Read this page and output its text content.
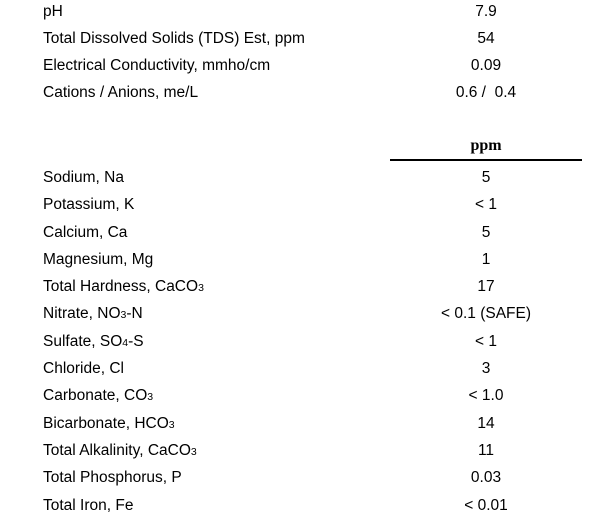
pH	7.9
Total Dissolved Solids (TDS) Est, ppm	54
Electrical Conductivity, mmho/cm	0.09
Cations / Anions, me/L	0.6 /  0.4
ppm
Sodium, Na	5
Potassium, K	< 1
Calcium, Ca	5
Magnesium, Mg	1
Total Hardness, CaCO3	17
Nitrate, NO3-N	< 0.1 (SAFE)
Sulfate, SO4-S	< 1
Chloride, Cl	3
Carbonate, CO3	< 1.0
Bicarbonate, HCO3	14
Total Alkalinity, CaCO3	11
Total Phosphorus, P	0.03
Total Iron, Fe	< 0.01
